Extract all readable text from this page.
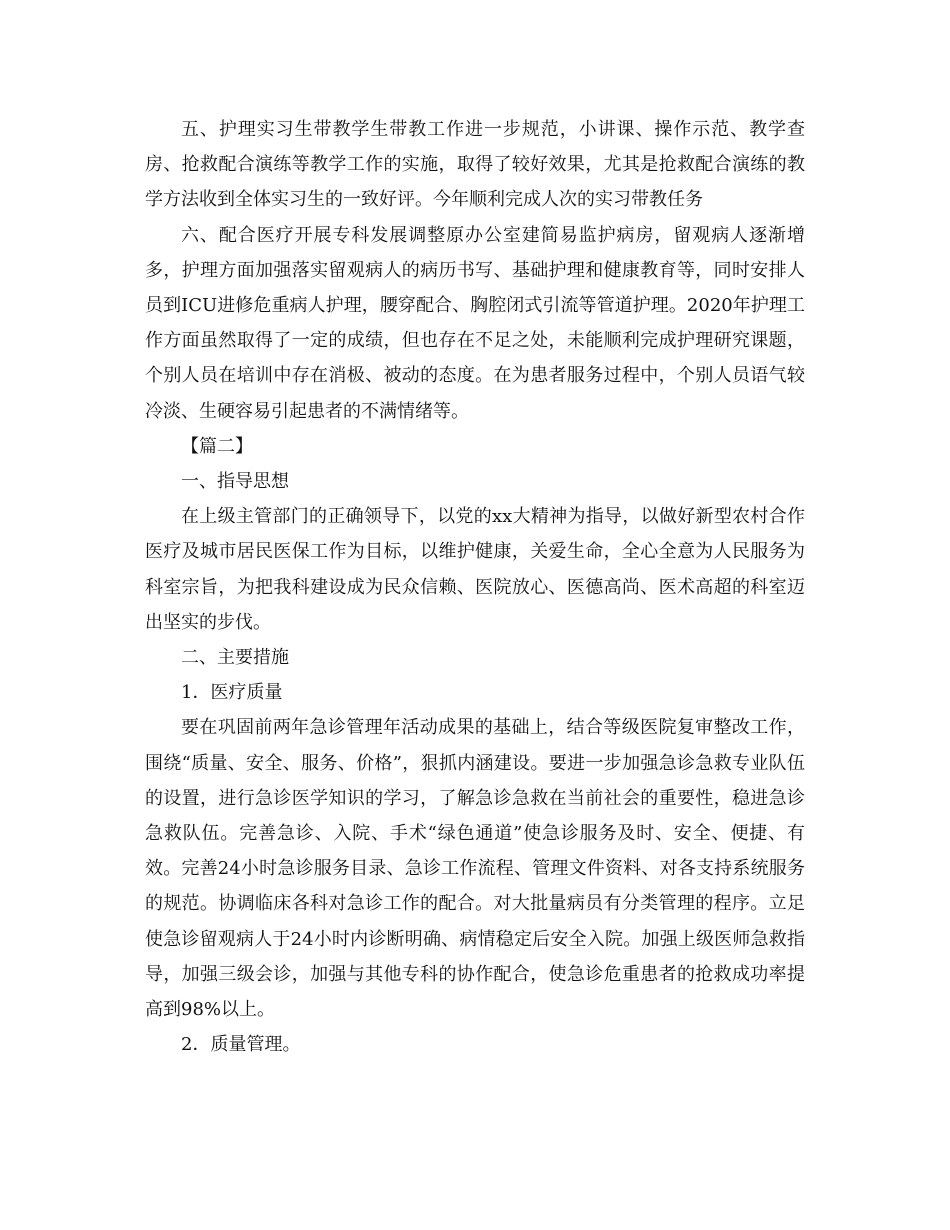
五、护理实习生带教学生带教工作进一步规范，小讲课、操作示范、教学查房、抢救配合演练等教学工作的实施，取得了较好效果，尤其是抢救配合演练的教学方法收到全体实习生的一致好评。今年顺利完成人次的实习带教任务

六、配合医疗开展专科发展调整原办公室建简易监护病房，留观病人逐渐增多，护理方面加强落实留观病人的病历书写、基础护理和健康教育等，同时安排人员到ICU进修危重病人护理，腰穿配合、胸腔闭式引流等管道护理。2020年护理工作方面虽然取得了一定的成绩，但也存在不足之处，未能顺利完成护理研究课题，个别人员在培训中存在消极、被动的态度。在为患者服务过程中，个别人员语气较冷淡、生硬容易引起患者的不满情绪等。

【篇二】

一、指导思想

在上级主管部门的正确领导下，以党的xx大精神为指导，以做好新型农村合作医疗及城市居民医保工作为目标，以维护健康，关爱生命，全心全意为人民服务为科室宗旨，为把我科建设成为民众信赖、医院放心、医德高尚、医术高超的科室迈出坚实的步伐。

二、主要措施

1．医疗质量

要在巩固前两年急诊管理年活动成果的基础上，结合等级医院复审整改工作，围绕“质量、安全、服务、价格”，狠抓内涵建设。要进一步加强急诊急救专业队伍的设置，进行急诊医学知识的学习，了解急诊急救在当前社会的重要性，稳进急诊急救队伍。完善急诊、入院、手术“绿色通道”使急诊服务及时、安全、便捷、有效。完善24小时急诊服务目录、急诊工作流程、管理文件资料、对各支持系统服务的规范。协调临床各科对急诊工作的配合。对大批量病员有分类管理的程序。立足使急诊留观病人于24小时内诊断明确、病情稳定后安全入院。加强上级医师急救指导，加强三级会诊，加强与其他专科的协作配合，使急诊危重患者的抢救成功率提高到98%以上。

2．质量管理。
